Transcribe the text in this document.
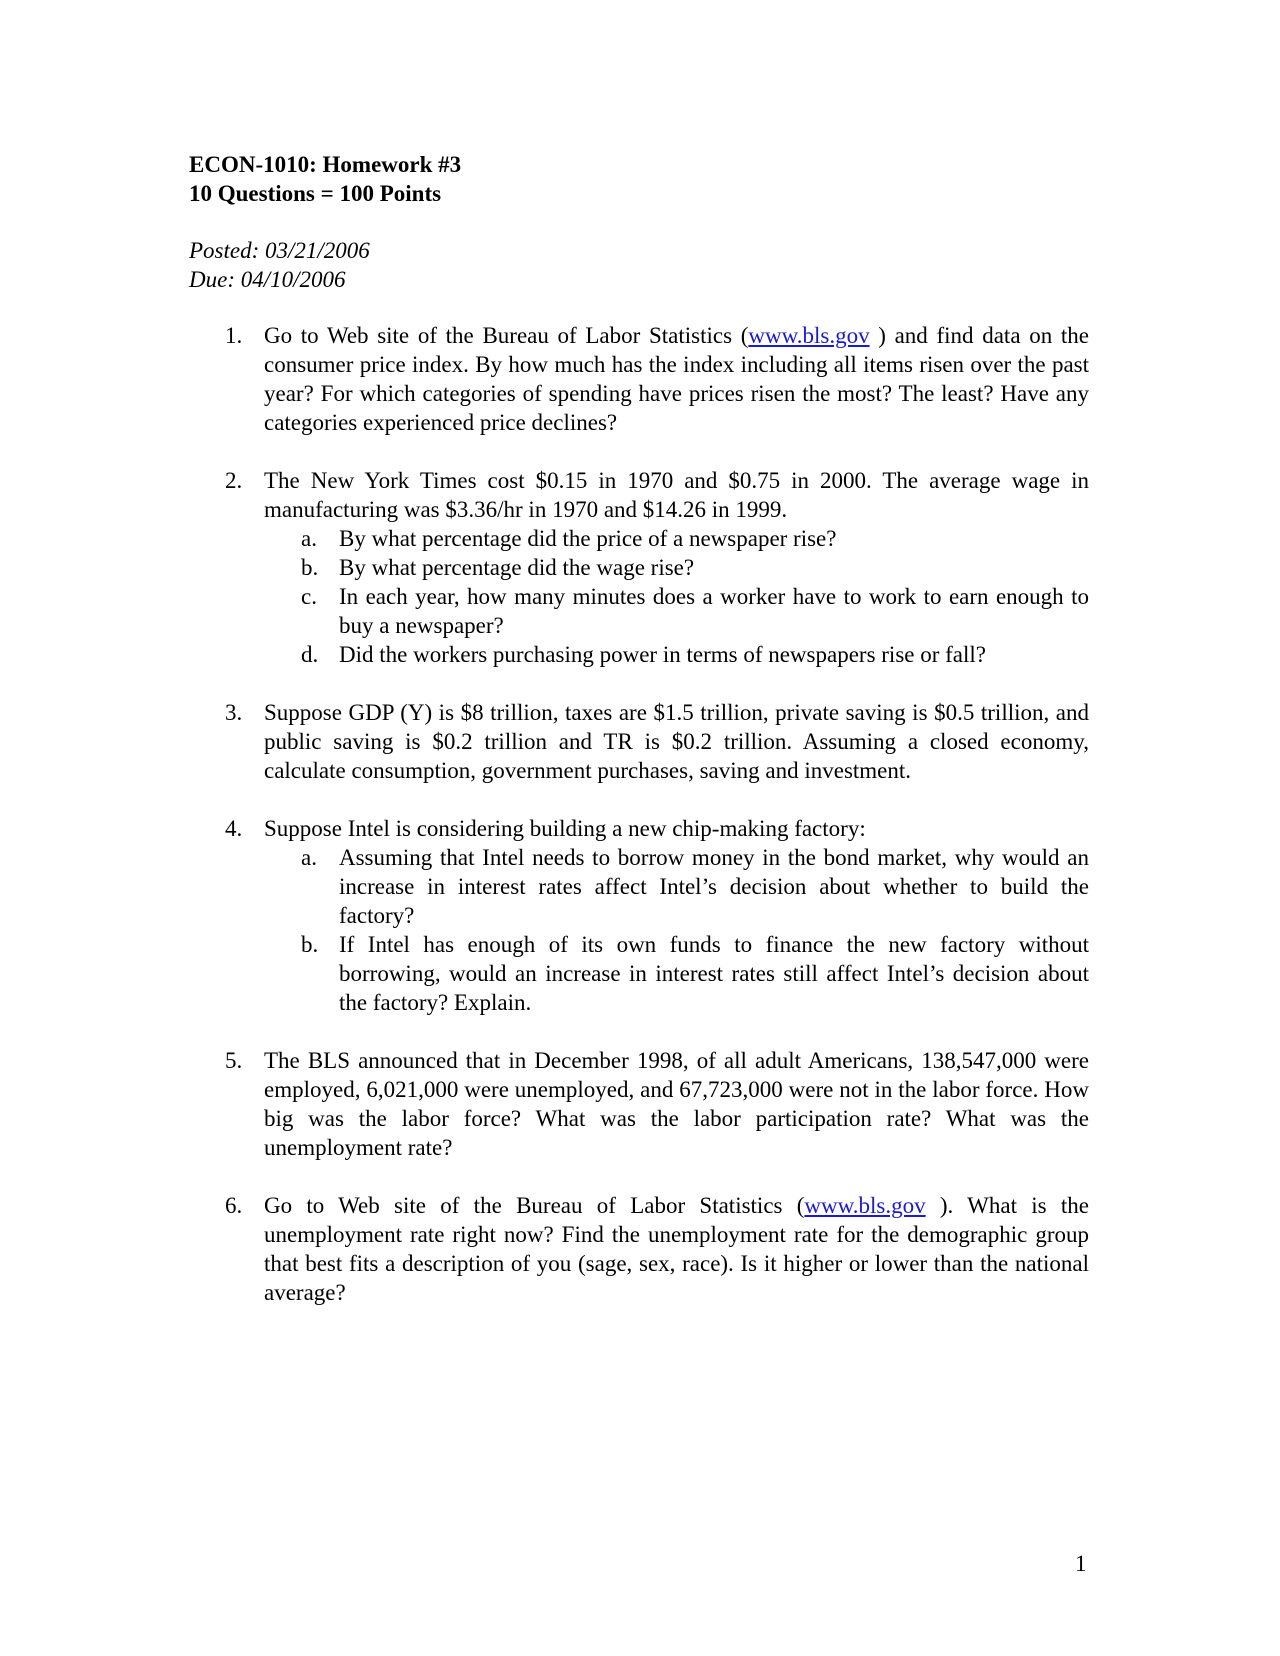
ECON-1010: Homework #3

10 Questions = 100 Points

Posted: 03/21/2006

Due: 04/10/2006

1. Go to Web site of the Bureau of Labor Statistics (www.bls.gov ) and find data on the consumer price index. By how much has the index including all items risen over the past year? For which categories of spending have prices risen the most? The least? Have any categories experienced price declines?
2. The New York Times cost $0.15 in 1970 and $0.75 in 2000. The average wage in manufacturing was $3.36/hr in 1970 and $14.26 in 1999.
a. By what percentage did the price of a newspaper rise?
b. By what percentage did the wage rise?
c. In each year, how many minutes does a worker have to work to earn enough to buy a newspaper?
d. Did the workers purchasing power in terms of newspapers rise or fall?
3. Suppose GDP (Y) is $8 trillion, taxes are $1.5 trillion, private saving is $0.5 trillion, and public saving is $0.2 trillion and TR is $0.2 trillion. Assuming a closed economy, calculate consumption, government purchases, saving and investment.
4. Suppose Intel is considering building a new chip-making factory:
a. Assuming that Intel needs to borrow money in the bond market, why would an increase in interest rates affect Intel’s decision about whether to build the factory?
b. If Intel has enough of its own funds to finance the new factory without borrowing, would an increase in interest rates still affect Intel’s decision about the factory? Explain.
5. The BLS announced that in December 1998, of all adult Americans, 138,547,000 were employed, 6,021,000 were unemployed, and 67,723,000 were not in the labor force. How big was the labor force? What was the labor participation rate? What was the unemployment rate?
6. Go to Web site of the Bureau of Labor Statistics (www.bls.gov ). What is the unemployment rate right now? Find the unemployment rate for the demographic group that best fits a description of you (sage, sex, race). Is it higher or lower than the national average?
1
